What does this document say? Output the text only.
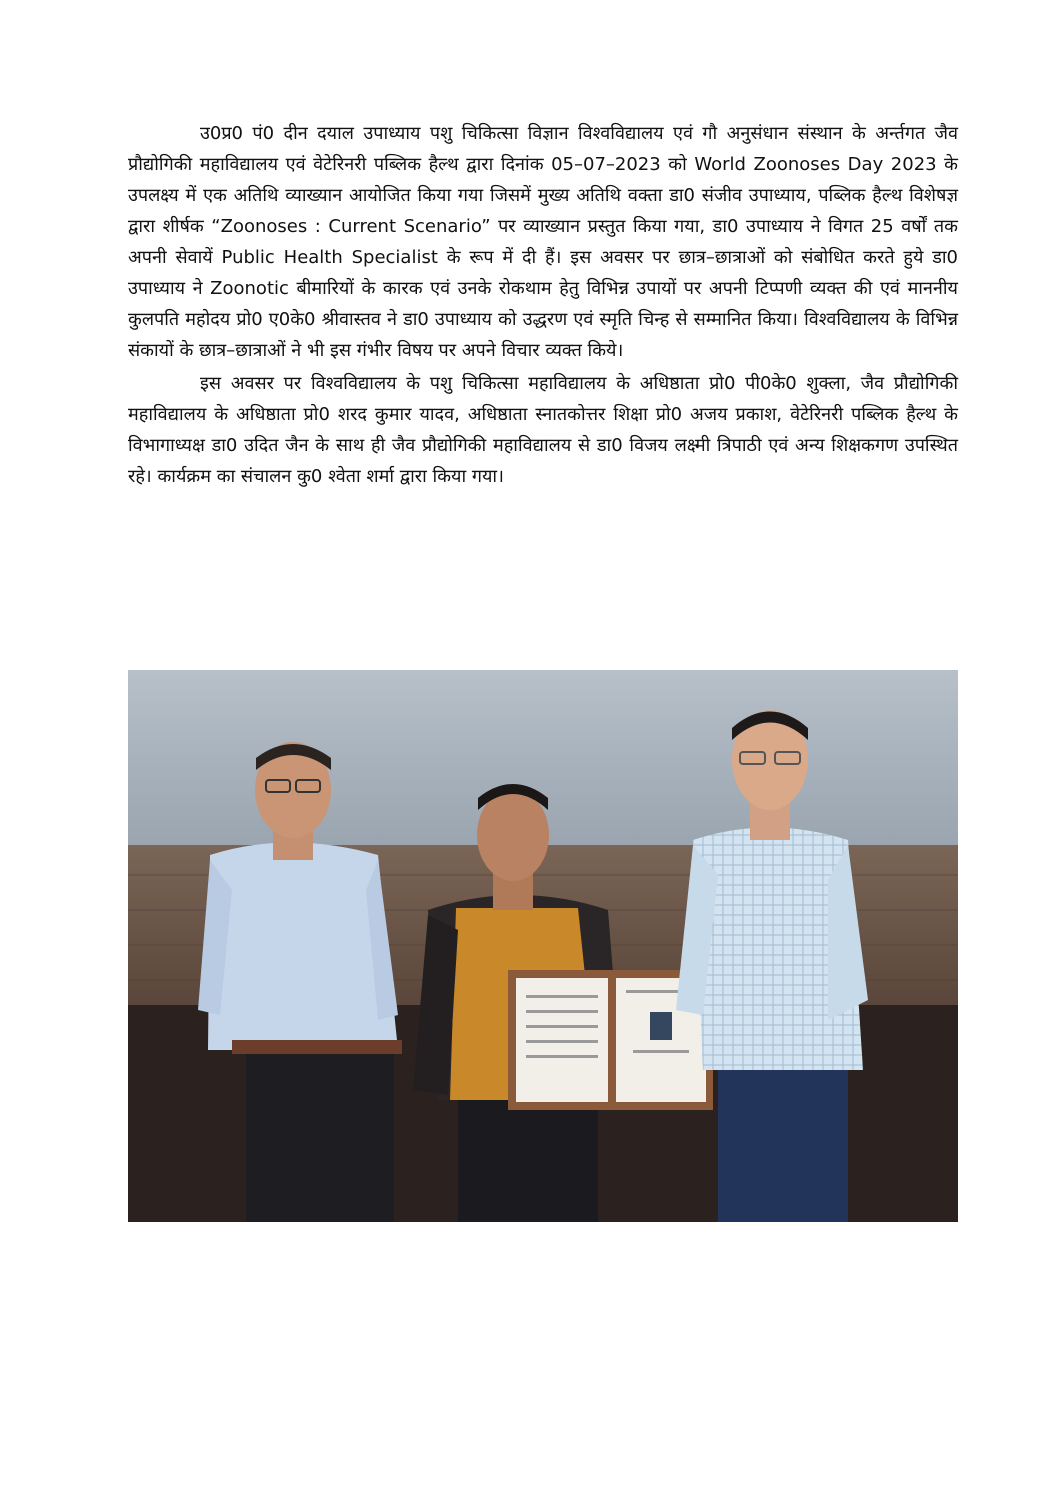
उ0प्र0 पं0 दीन दयाल उपाध्याय पशु चिकित्सा विज्ञान विश्वविद्यालय एवं गौ अनुसंधान संस्थान के अर्न्तगत जैव प्रौद्योगिकी महाविद्यालय एवं वेटेरिनरी पब्लिक हैल्थ द्वारा दिनांक 05–07–2023 को World Zoonoses Day 2023 के उपलक्ष्य में एक अतिथि व्याख्यान आयोजित किया गया जिसमें मुख्य अतिथि वक्ता डा0 संजीव उपाध्याय, पब्लिक हैल्थ विशेषज्ञ द्वारा शीर्षक “Zoonoses : Current Scenario” पर व्याख्यान प्रस्तुत किया गया, डा0 उपाध्याय ने विगत 25 वर्षों तक अपनी सेवायें Public Health Specialist के रूप में दी हैं। इस अवसर पर छात्र–छात्राओं को संबोधित करते हुये डा0 उपाध्याय ने Zoonotic बीमारियों के कारक एवं उनके रोकथाम हेतु विभिन्न उपायों पर अपनी टिप्पणी व्यक्त की एवं माननीय कुलपति महोदय प्रो0 ए0के0 श्रीवास्तव ने डा0 उपाध्याय को उद्धरण एवं स्मृति चिन्ह से सम्मानित किया। विश्वविद्यालय के विभिन्न संकायों के छात्र–छात्राओं ने भी इस गंभीर विषय पर अपने विचार व्यक्त किये।

इस अवसर पर विश्वविद्यालय के पशु चिकित्सा महाविद्यालय के अधिष्ठाता प्रो0 पी0के0 शुक्ला, जैव प्रौद्योगिकी महाविद्यालय के अधिष्ठाता प्रो0 शरद कुमार यादव, अधिष्ठाता स्नातकोत्तर शिक्षा प्रो0 अजय प्रकाश, वेटेरिनरी पब्लिक हैल्थ के विभागाध्यक्ष डा0 उदित जैन के साथ ही जैव प्रौद्योगिकी महाविद्यालय से डा0 विजय लक्ष्मी त्रिपाठी एवं अन्य शिक्षकगण उपस्थित रहे। कार्यक्रम का संचालन कु0 श्वेता शर्मा द्वारा किया गया।
